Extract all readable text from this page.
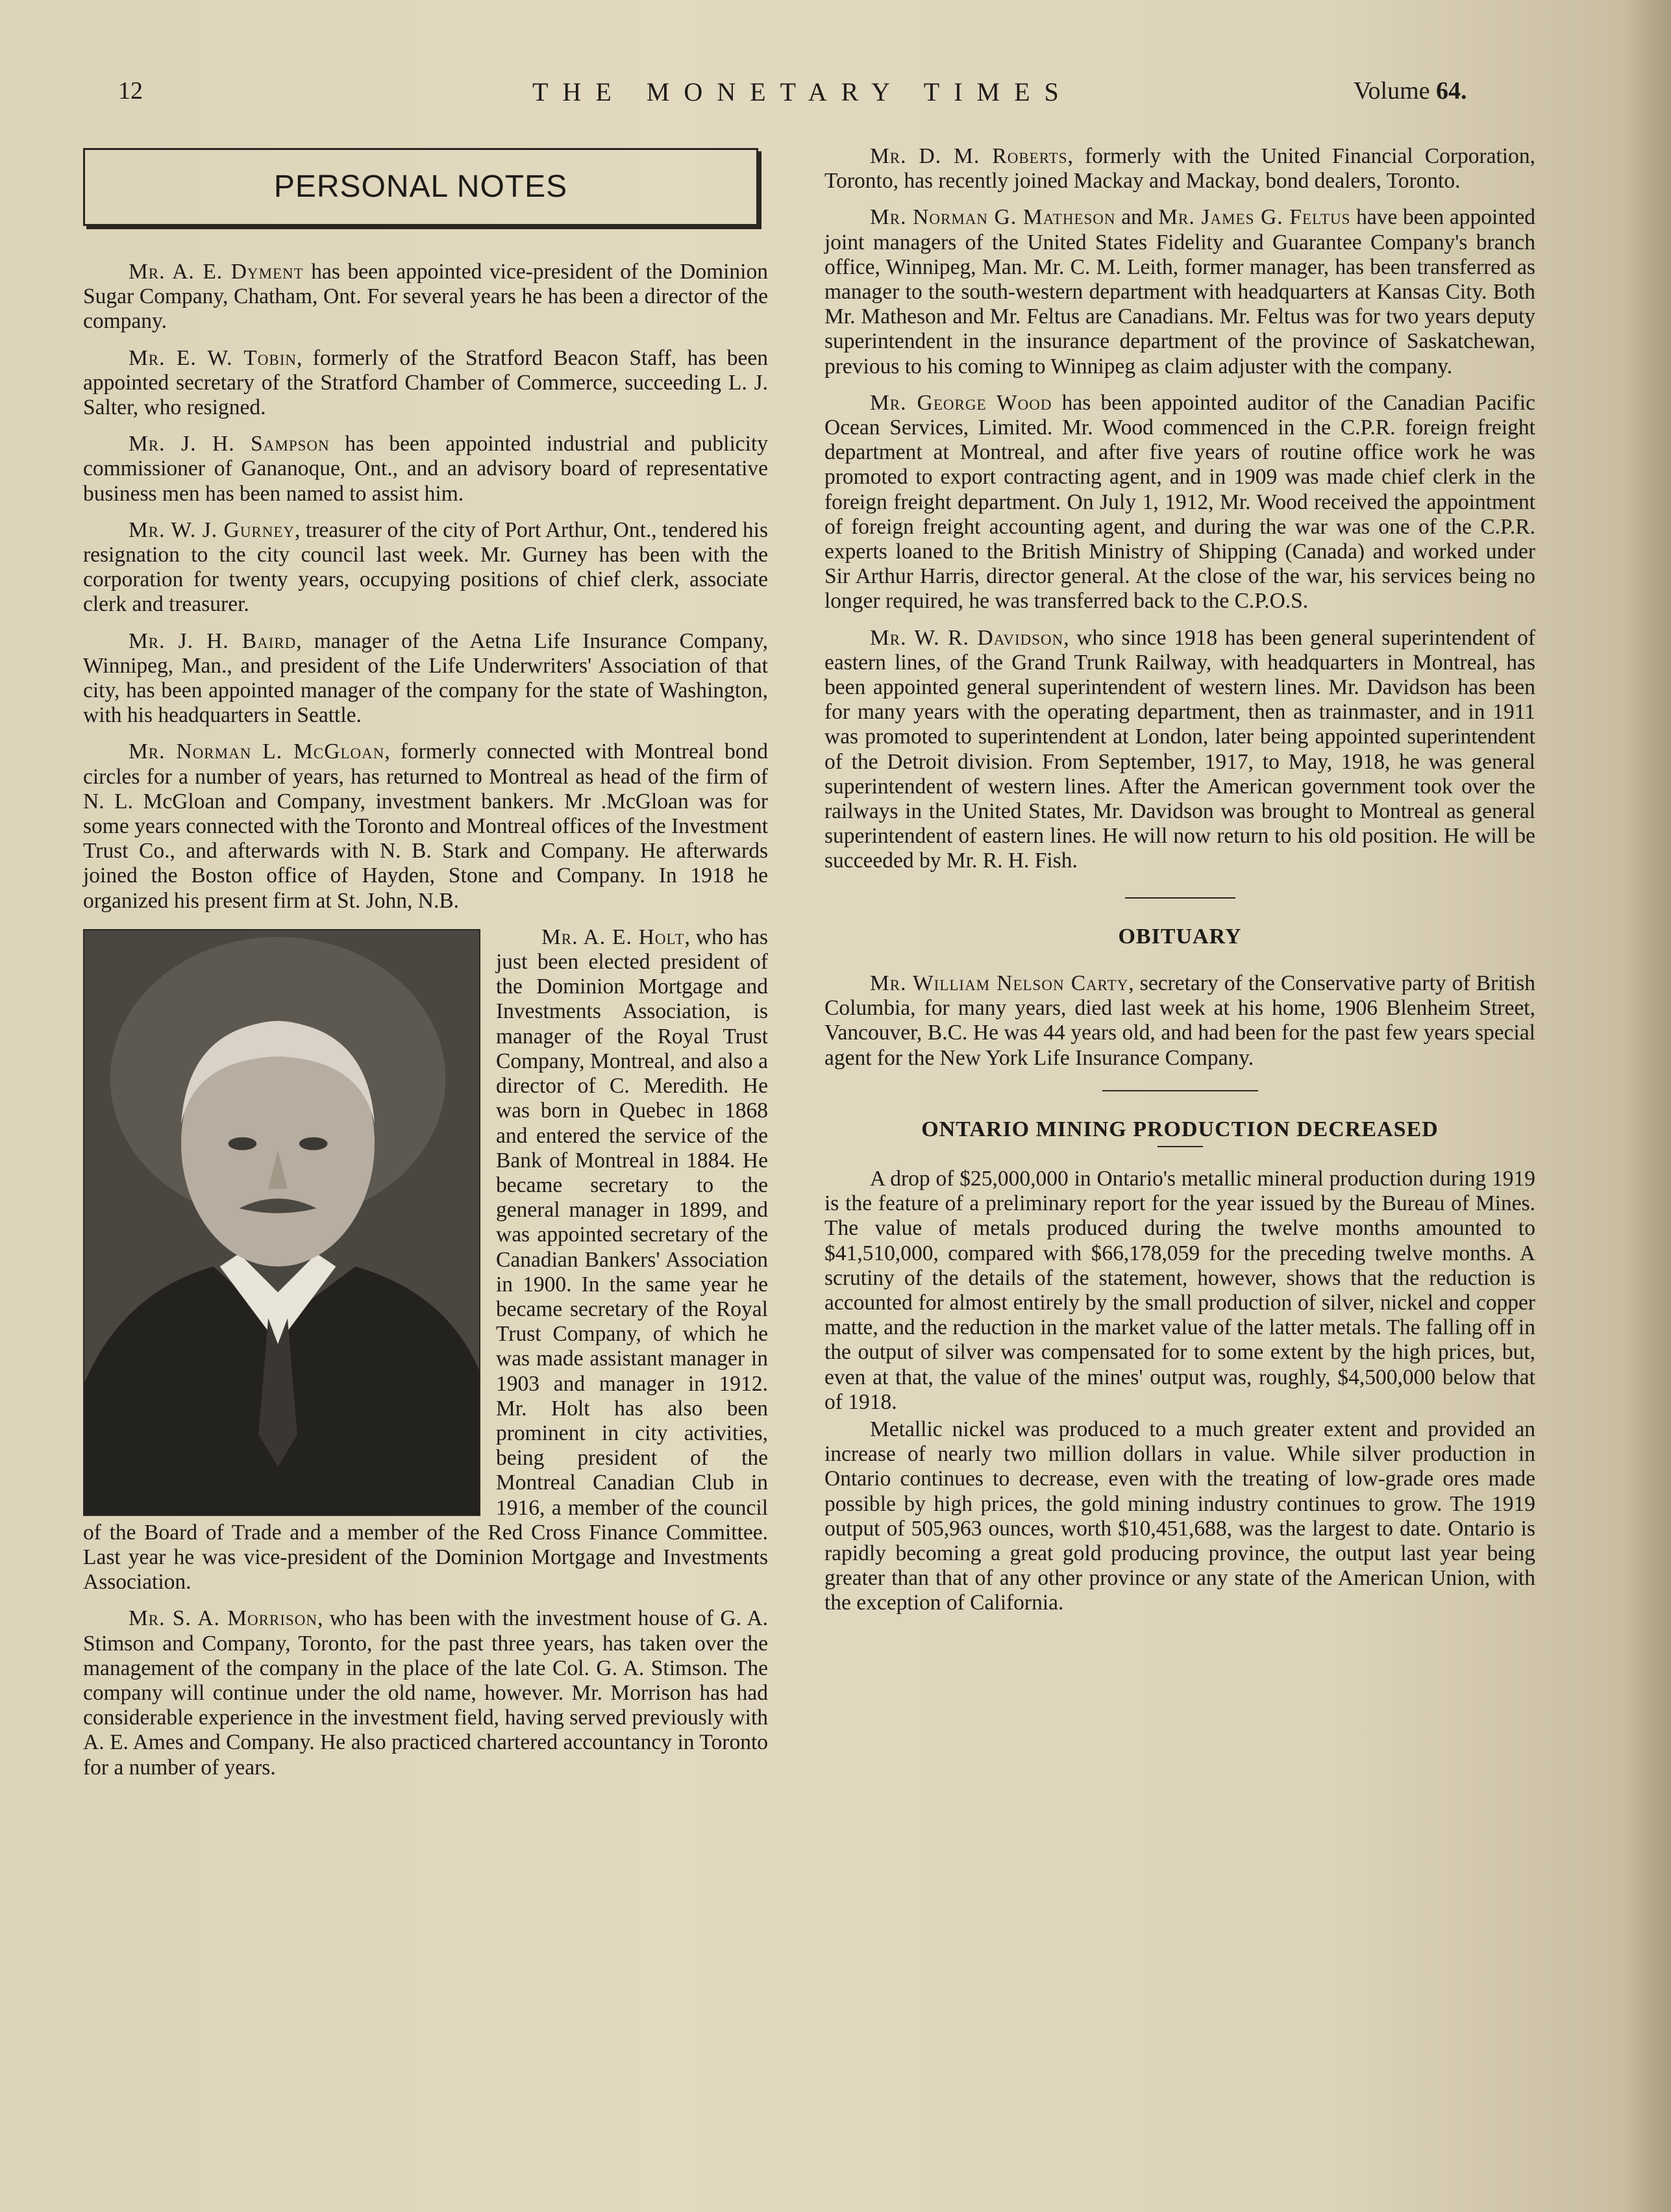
12	THE MONETARY TIMES	Volume 64.
PERSONAL NOTES

Mr. A. E. Dyment has been appointed vice-president of the Dominion Sugar Company, Chatham, Ont. For several years he has been a director of the company.

Mr. E. W. Tobin, formerly of the Stratford Beacon Staff, has been appointed secretary of the Stratford Chamber of Commerce, succeeding L. J. Salter, who resigned.

Mr. J. H. Sampson has been appointed industrial and publicity commissioner of Gananoque, Ont., and an advisory board of representative business men has been named to assist him.

Mr. W. J. Gurney, treasurer of the city of Port Arthur, Ont., tendered his resignation to the city council last week. Mr. Gurney has been with the corporation for twenty years, occupying positions of chief clerk, associate clerk and treasurer.

Mr. J. H. Baird, manager of the Aetna Life Insurance Company, Winnipeg, Man., and president of the Life Underwriters' Association of that city, has been appointed manager of the company for the state of Washington, with his headquarters in Seattle.

Mr. Norman L. McGloan, formerly connected with Montreal bond circles for a number of years, has returned to Montreal as head of the firm of N. L. McGloan and Company, investment bankers. Mr .McGloan was for some years connected with the Toronto and Montreal offices of the Investment Trust Co., and afterwards with N. B. Stark and Company. He afterwards joined the Boston office of Hayden, Stone and Company. In 1918 he organized his present firm at St. John, N.B.

Mr. A. E. Holt, who has just been elected president of the Dominion Mortgage and Investments Association, is manager of the Royal Trust Company, Montreal, and also a director of C. Meredith. He was born in Quebec in 1868 and entered the service of the Bank of Montreal in 1884. He became secretary to the general manager in 1899, and was appointed secretary of the Canadian Bankers' Association in 1900. In the same year he became secretary of the Royal Trust Company, of which he was made assistant manager in 1903 and manager in 1912. Mr. Holt has also been prominent in city activities, being president of the Montreal Canadian Club in 1916, a member of the council of the Board of Trade and a member of the Red Cross Finance Committee. Last year he was vice-president of the Dominion Mortgage and Investments Association.

Mr. S. A. Morrison, who has been with the investment house of G. A. Stimson and Company, Toronto, for the past three years, has taken over the management of the company in the place of the late Col. G. A. Stimson. The company will continue under the old name, however. Mr. Morrison has had considerable experience in the investment field, having served previously with A. E. Ames and Company. He also practiced chartered accountancy in Toronto for a number of years.

Mr. D. M. Roberts, formerly with the United Financial Corporation, Toronto, has recently joined Mackay and Mackay, bond dealers, Toronto.

Mr. Norman G. Matheson and Mr. James G. Feltus have been appointed joint managers of the United States Fidelity and Guarantee Company's branch office, Winnipeg, Man. Mr. C. M. Leith, former manager, has been transferred as manager to the south-western department with headquarters at Kansas City. Both Mr. Matheson and Mr. Feltus are Canadians. Mr. Feltus was for two years deputy superintendent in the insurance department of the province of Saskatchewan, previous to his coming to Winnipeg as claim adjuster with the company.

Mr. George Wood has been appointed auditor of the Canadian Pacific Ocean Services, Limited. Mr. Wood commenced in the C.P.R. foreign freight department at Montreal, and after five years of routine office work he was promoted to export contracting agent, and in 1909 was made chief clerk in the foreign freight department. On July 1, 1912, Mr. Wood received the appointment of foreign freight accounting agent, and during the war was one of the C.P.R. experts loaned to the British Ministry of Shipping (Canada) and worked under Sir Arthur Harris, director general. At the close of the war, his services being no longer required, he was transferred back to the C.P.O.S.

Mr. W. R. Davidson, who since 1918 has been general superintendent of eastern lines, of the Grand Trunk Railway, with headquarters in Montreal, has been appointed general superintendent of western lines. Mr. Davidson has been for many years with the operating department, then as trainmaster, and in 1911 was promoted to superintendent at London, later being appointed superintendent of the Detroit division. From September, 1917, to May, 1918, he was general superintendent of western lines. After the American government took over the railways in the United States, Mr. Davidson was brought to Montreal as general superintendent of eastern lines. He will now return to his old position. He will be succeeded by Mr. R. H. Fish.

OBITUARY

Mr. William Nelson Carty, secretary of the Conservative party of British Columbia, for many years, died last week at his home, 1906 Blenheim Street, Vancouver, B.C. He was 44 years old, and had been for the past few years special agent for the New York Life Insurance Company.

ONTARIO MINING PRODUCTION DECREASED

A drop of $25,000,000 in Ontario's metallic mineral production during 1919 is the feature of a preliminary report for the year issued by the Bureau of Mines. The value of metals produced during the twelve months amounted to $41,510,000, compared with $66,178,059 for the preceding twelve months. A scrutiny of the details of the statement, however, shows that the reduction is accounted for almost entirely by the small production of silver, nickel and copper matte, and the reduction in the market value of the latter metals. The falling off in the output of silver was compensated for to some extent by the high prices, but, even at that, the value of the mines' output was, roughly, $4,500,000 below that of 1918.

Metallic nickel was produced to a much greater extent and provided an increase of nearly two million dollars in value. While silver production in Ontario continues to decrease, even with the treating of low-grade ores made possible by high prices, the gold mining industry continues to grow. The 1919 output of 505,963 ounces, worth $10,451,688, was the largest to date. Ontario is rapidly becoming a great gold producing province, the output last year being greater than that of any other province or any state of the American Union, with the exception of California.
